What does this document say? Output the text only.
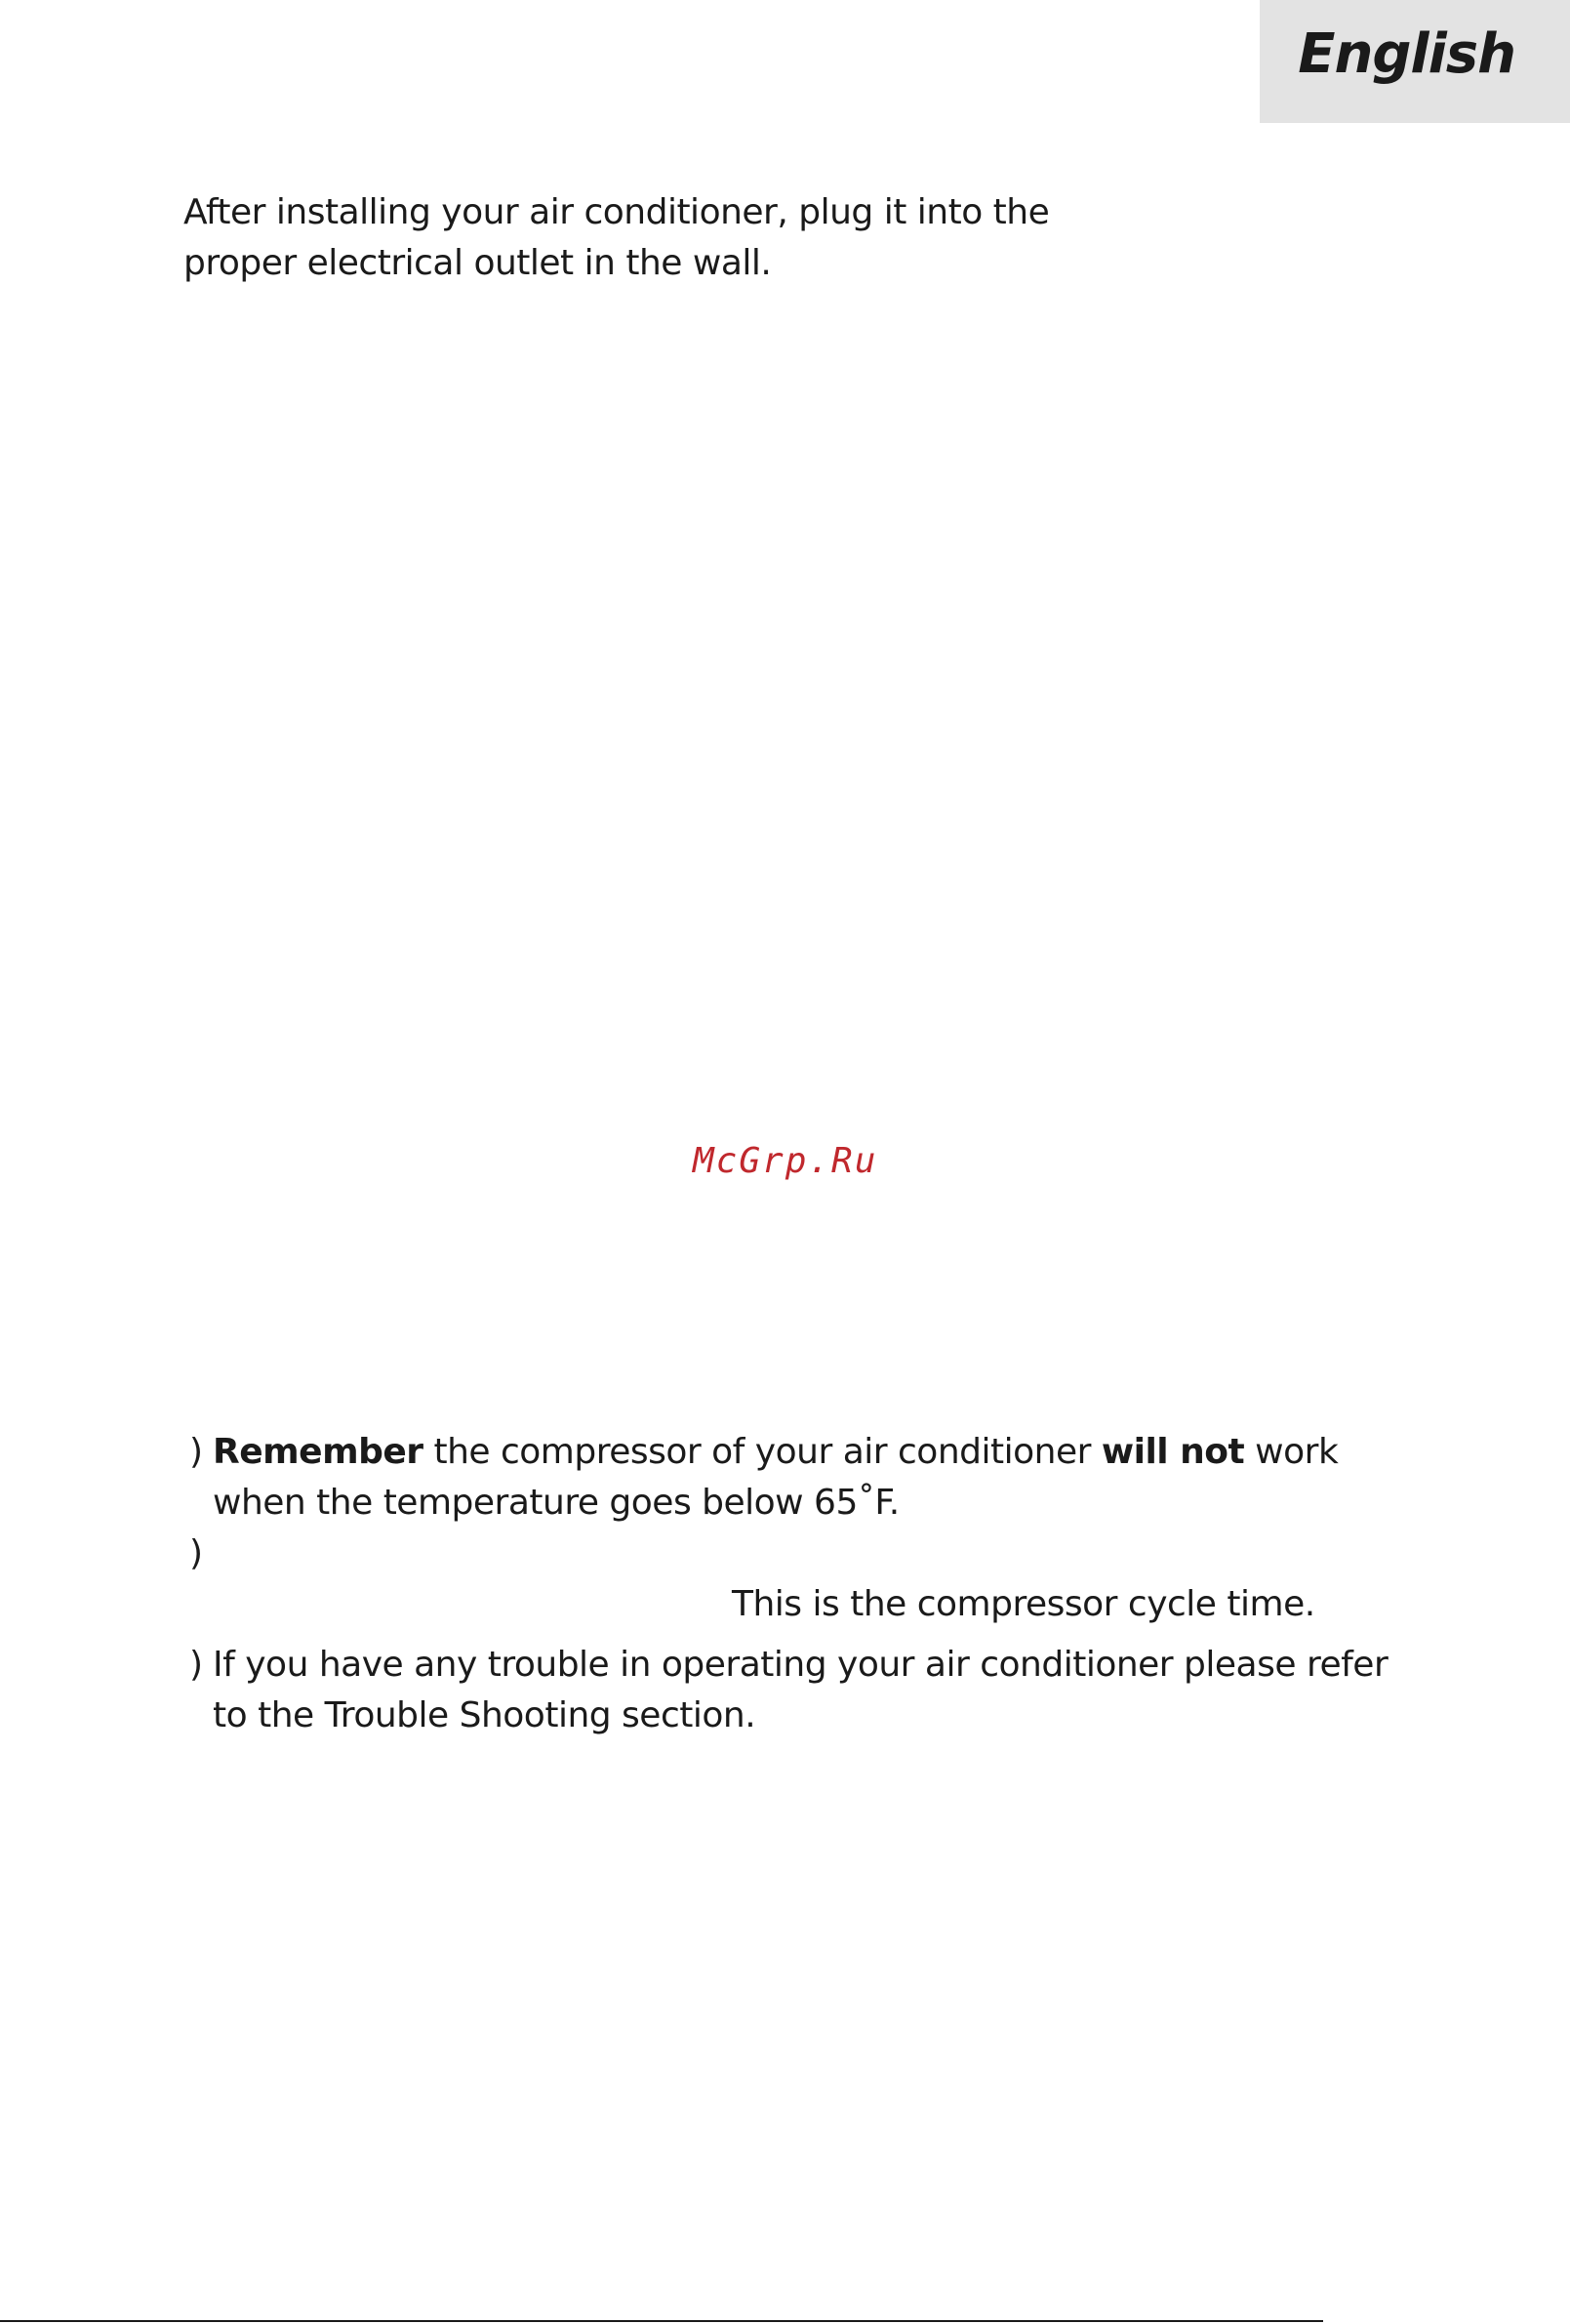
English

After installing your air conditioner, plug it into the proper electrical outlet in the wall.

McGrp.Ru
) Remember the compressor of your air conditioner will not work when the temperature goes below 65˚F.
)
This is the compressor cycle time.
) If you have any trouble in operating your air conditioner please refer to the Trouble Shooting section.
